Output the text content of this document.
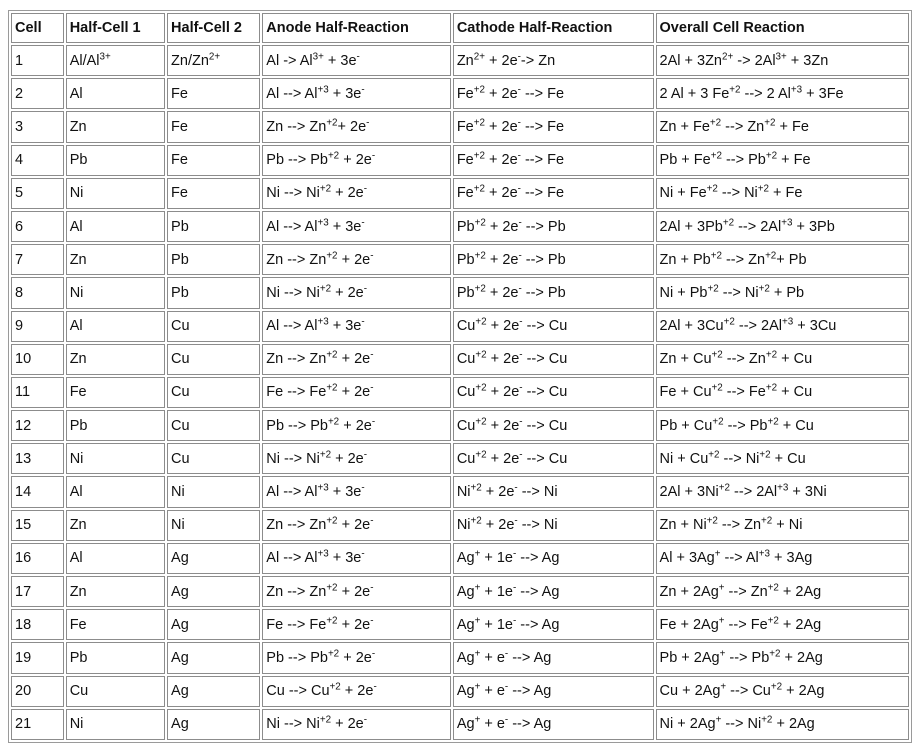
Cell	Half-Cell 1	Half-Cell 2	Anode Half-Reaction	Cathode Half-Reaction	Overall Cell Reaction
1	$Al/Al^{3+}$	$Zn/Zn^{2+}$	$Al -> Al^{3+} + 3e^-$	$Zn^{2+} + 2e^--> Zn$	$2Al + 3Zn^{2+} -> 2Al^{3+} + 3Zn$
2	Al	Fe	Al --> $Al^{+3} + 3e^-$	$Fe^{+2} + 2e^-$ --> Fe	2 Al + 3 $Fe^{+2}$ --> 2 $Al^{+3} + 3Fe$
3	Zn	Fe	Zn --> $Zn^{+2}+ 2e^-$	$Fe^{+2} + 2e^-$ --> Fe	$Zn + Fe^{+2}$ --> $Zn^{+2} + Fe$
4	Pb	Fe	Pb --> $Pb^{+2} + 2e^-$	$Fe^{+2} + 2e^-$ --> Fe	$Pb + Fe^{+2}$ --> $Pb^{+2} + Fe$
5	Ni	Fe	Ni --> $Ni^{+2} + 2e^-$	$Fe^{+2} + 2e^-$ --> Fe	$Ni + Fe^{+2}$ --> $Ni^{+2} + Fe$
6	Al	Pb	Al --> $Al^{+3} + 3e^-$	$Pb^{+2} + 2e^-$ --> Pb	$2Al + 3Pb^{+2}$ --> $2Al^{+3} + 3Pb$
7	Zn	Pb	Zn --> $Zn^{+2} + 2e^-$	$Pb^{+2} + 2e^-$ --> Pb	$Zn + Pb^{+2}$ --> $Zn^{+2}+ Pb$
8	Ni	Pb	Ni --> $Ni^{+2} + 2e^-$	$Pb^{+2} + 2e^-$ --> Pb	$Ni + Pb^{+2}$ --> $Ni^{+2} + Pb$
9	Al	Cu	Al --> $Al^{+3} + 3e^-$	$Cu^{+2} + 2e^-$ --> Cu	$2Al + 3Cu^{+2}$ --> $2Al^{+3} + 3Cu$
10	Zn	Cu	Zn --> $Zn^{+2} + 2e^-$	$Cu^{+2} + 2e^-$ --> Cu	$Zn + Cu^{+2}$ --> $Zn^{+2} + Cu$
11	Fe	Cu	Fe --> $Fe^{+2} + 2e^-$	$Cu^{+2} + 2e^-$ --> Cu	$Fe + Cu^{+2}$ --> $Fe^{+2} + Cu$
12	Pb	Cu	Pb --> $Pb^{+2} + 2e^-$	$Cu^{+2} + 2e^-$ --> Cu	$Pb + Cu^{+2}$ --> $Pb^{+2} + Cu$
13	Ni	Cu	Ni --> $Ni^{+2} + 2e^-$	$Cu^{+2} + 2e^-$ --> Cu	$Ni + Cu^{+2}$ --> $Ni^{+2} + Cu$
14	Al	Ni	Al --> $Al^{+3} + 3e^-$	$Ni^{+2} + 2e^-$ --> Ni	$2Al + 3Ni^{+2}$ --> $2Al^{+3} + 3Ni$
15	Zn	Ni	Zn --> $Zn^{+2} + 2e^-$	$Ni^{+2} + 2e^-$ --> Ni	$Zn + Ni^{+2}$ --> $Zn^{+2} + Ni$
16	Al	Ag	Al --> $Al^{+3} + 3e^-$	Ag+ + 1e- --> Ag	Al + 3Ag+ --> $Al^{+3} + 3Ag$
17	Zn	Ag	Zn --> $Zn^{+2} + 2e^-$	Ag+ + 1e- --> Ag	Zn + 2Ag+ --> $Zn^{+2} + 2Ag$
18	Fe	Ag	Fe --> $Fe^{+2} + 2e^-$	Ag+ + 1e- --> Ag	Fe + 2Ag+ --> $Fe^{+2} + 2Ag$
19	Pb	Ag	Pb --> $Pb^{+2} + 2e^-$	Ag+ + e- --> Ag	Pb + 2Ag+ --> $Pb^{+2} + 2Ag$
20	Cu	Ag	Cu --> $Cu^{+2} + 2e^-$	Ag+ + e- --> Ag	Cu + 2Ag+ --> $Cu^{+2} + 2Ag$
21	Ni	Ag	Ni --> $Ni^{+2} + 2e^-$	Ag+ + e- --> Ag	Ni + 2Ag+ --> $Ni^{+2} + 2Ag$
